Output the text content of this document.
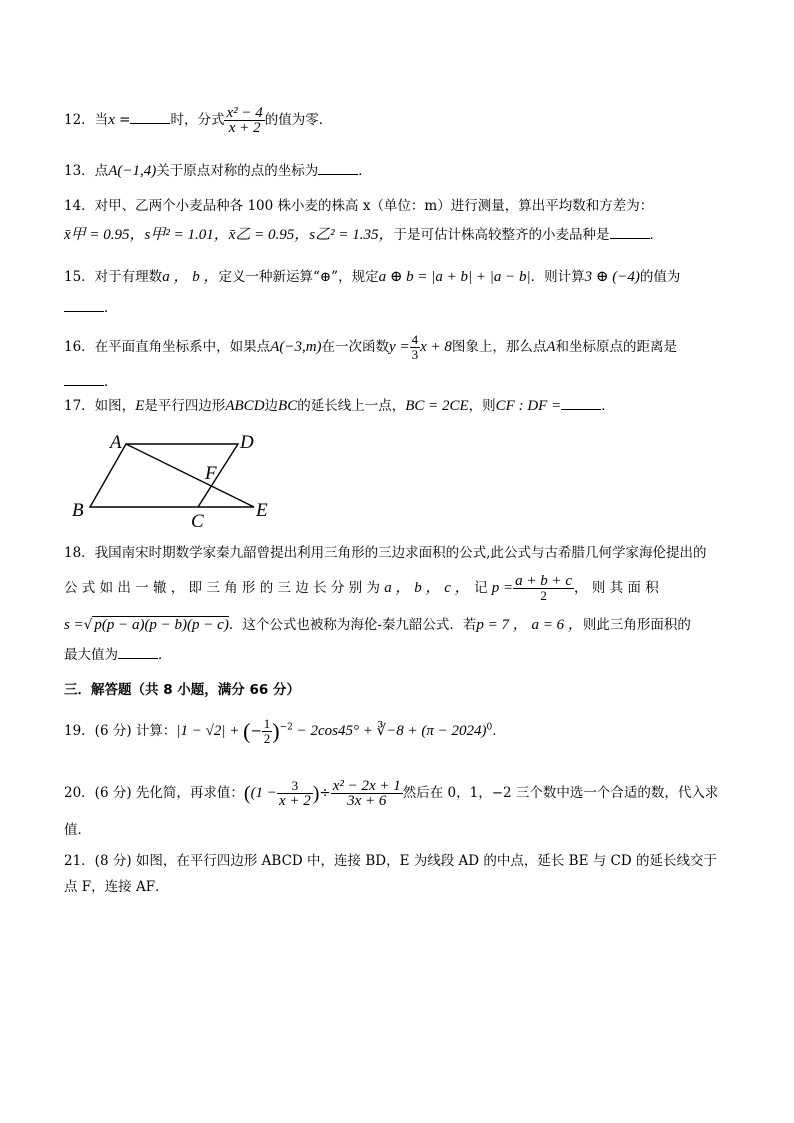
12．当x =	时，分式 $\frac{\text{x² − 4}}{x + 2}$ 的值为零．
13．点A(−1,4)关于原点对称的点的坐标为	．
14．对甲、乙两个小麦品种各 100 株小麦的株高 x（单位：m）进行测量，算出平均数和方差为：
x̄甲 = 0.95，s甲² = 1.01，x̄乙 = 0.95，s乙² = 1.35，于是可估计株高较整齐的小麦品种是	．
15．对于有理数a ， b ，定义一种新运算“⊕”，规定a ⊕ b = |a + b| + |a − b|．则计算3 ⊕ (−4)的值为
．
16．在平面直角坐标系中，如果点A(−3,m)在一次函数$y = \frac{4}{3}$ x + 8图象上，那么点A和坐标原点的距离是
．
17．如图，E是平行四边形ABCD边BC的延长线上一点，BC = 2CE，则CF : DF =	．
A	D
F
B
C
E
18．我国南宋时期数学家秦九韶曾提出利用三角形的三边求面积的公式,此公式与古希腊几何学家海伦提出的
公 式 如 出 一 辙 ， 即 三 角 形 的 三 边 长 分 别 为 a ， b ， c ， 记 $p = \frac{a + b + c}{2}$ ， 则 其 面 积
s =√ p(p − a)(p − b)(p − c)．这个公式也被称为海伦-秦九韶公式．若p = 7 ， a = 6 ，则此三角形面积的
最大值为	．
三．解答题（共 8 小题，满分 66 分）
19．(6 分) 计算：|1 − √2| + (− $\frac{1}{2} )^{-2} - 2\cos 45^\circ$ + ∛−8 + $(\pi - 2024)^0$．
20．(6 分) 先化简，再求值：(($1 - \frac{3}{x + 2}$ )÷ $\frac{\text{x² − 2x + 1}}{3x + 6}$ 然后在 0，1，−2 三个数中选一个合适的数，代入求
值．
21．(8 分) 如图，在平行四边形 ABCD 中，连接 BD，E 为线段 AD 的中点，延长 BE 与 CD 的延长线交于
点 F，连接 AF．
